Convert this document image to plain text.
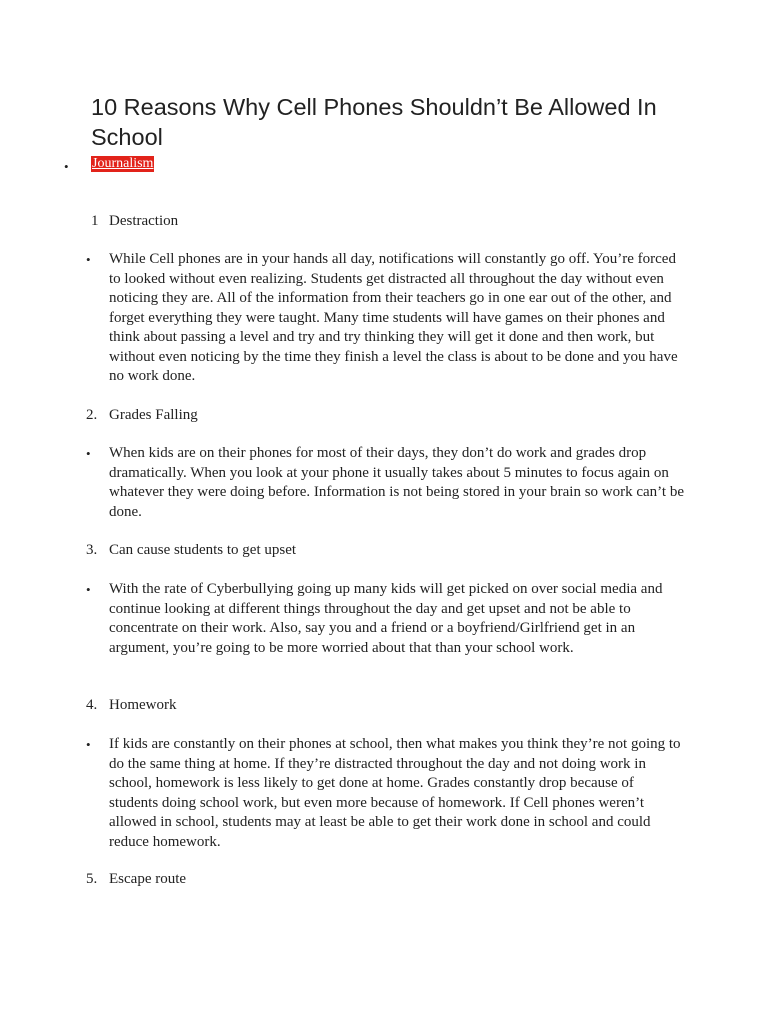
10 Reasons Why Cell Phones Shouldn’t Be Allowed In School
• Journalism
1 Destraction
• While Cell phones are in your hands all day, notifications will constantly go off. You’re forced to looked without even realizing. Students get distracted all throughout the day without even noticing they are. All of the information from their teachers go in one ear out of the other, and forget everything they were taught. Many time students will have games on their phones and think about passing a level and try and try thinking they will get it done and then work, but without even noticing by the time they finish a level the class is about to be done and you have no work done.

2. Grades Falling
• When kids are on their phones for most of their days, they don’t do work and grades drop dramatically. When you look at your phone it usually takes about 5 minutes to focus again on whatever they were doing before. Information is not being stored in your brain so work can’t be done.

3. Can cause students to get upset
• With the rate of Cyberbullying going up many kids will get picked on over social media and continue looking at different things throughout the day and get upset and not be able to concentrate on their work. Also, say you and a friend or a boyfriend/Girlfriend get in an argument, you’re going to be more worried about that than your school work.

4. Homework
• If kids are constantly on their phones at school, then what makes you think they’re not going to do the same thing at home. If they’re distracted throughout the day and not doing work in school, homework is less likely to get done at home. Grades constantly drop because of students doing school work, but even more because of homework. If Cell phones weren’t allowed in school, students may at least be able to get their work done in school and could reduce homework.

5. Escape route
